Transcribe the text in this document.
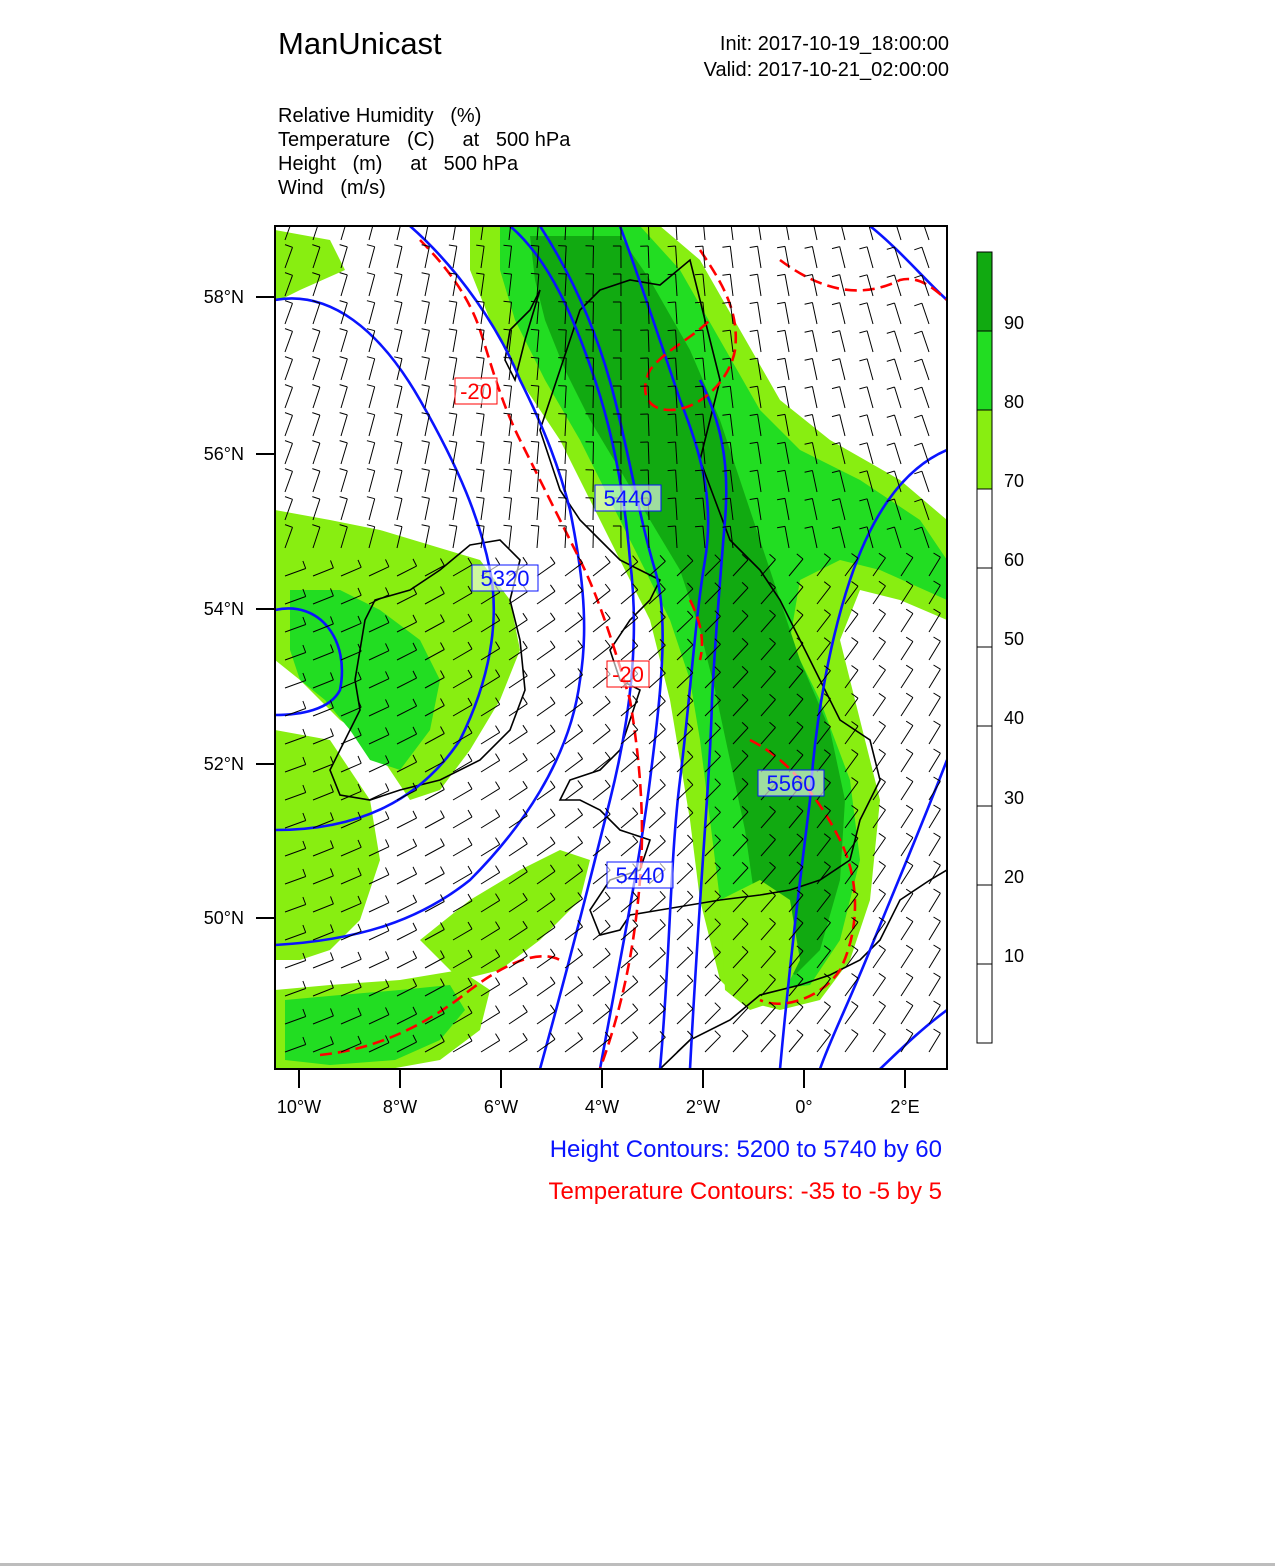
ManUnicast	Init: 2017-10-19_18:00:00
Valid: 2017-10-21_02:00:00
Relative Humidity   (%)
Temperature   (C)     at   500 hPa
Height   (m)     at   500 hPa
Wind   (m/s)
5440
5320
5560
5440
-20
-20
58°N
56°N
54°N
52°N
50°N
10°W	8°W	6°W	4°W	2°W	0°	2°E
90
80
70
60
50
40
30
20
10
Height Contours: 5200 to 5740 by 60
Temperature Contours: -35 to -5 by 5
